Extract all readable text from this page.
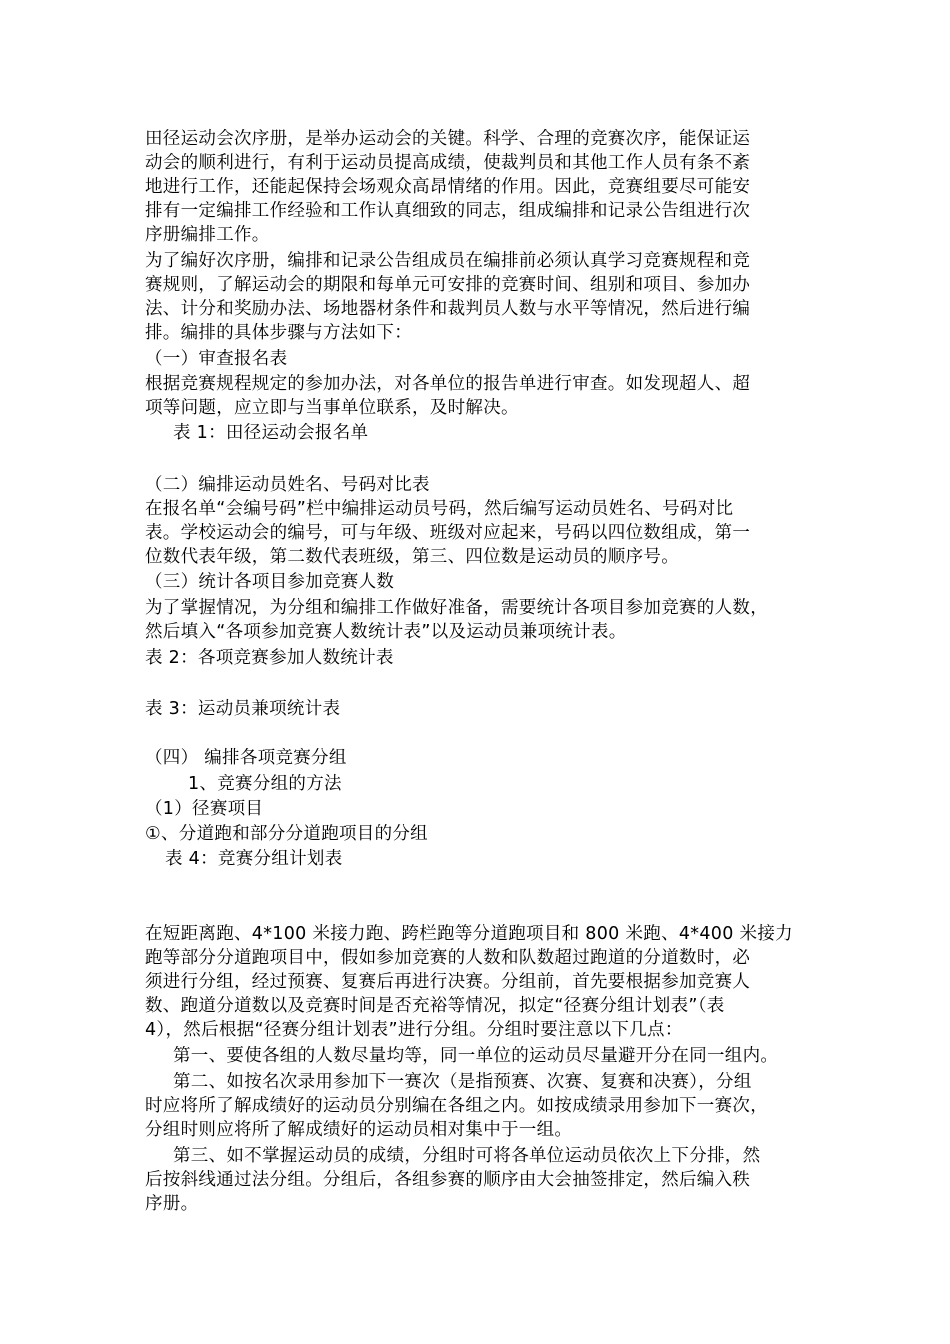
田径运动会次序册，是举办运动会的关键。科学、合理的竞赛次序，能保证运
动会的顺利进行，有利于运动员提高成绩，使裁判员和其他工作人员有条不紊
地进行工作，还能起保持会场观众高昂情绪的作用。因此，竞赛组要尽可能安
排有一定编排工作经验和工作认真细致的同志，组成编排和记录公告组进行次
序册编排工作。
为了编好次序册，编排和记录公告组成员在编排前必须认真学习竞赛规程和竞
赛规则，了解运动会的期限和每单元可安排的竞赛时间、组别和项目、参加办
法、计分和奖励办法、场地器材条件和裁判员人数与水平等情况，然后进行编
排。编排的具体步骤与方法如下：
（一）审查报名表
根据竞赛规程规定的参加办法，对各单位的报告单进行审查。如发现超人、超
项等问题，应立即与当事单位联系，及时解决。
表 1：田径运动会报名单
（二）编排运动员姓名、号码对比表
在报名单“会编号码”栏中编排运动员号码，然后编写运动员姓名、号码对比
表。学校运动会的编号，可与年级、班级对应起来，号码以四位数组成，第一
位数代表年级，第二数代表班级，第三、四位数是运动员的顺序号。
（三）统计各项目参加竞赛人数
为了掌握情况，为分组和编排工作做好准备，需要统计各项目参加竞赛的人数，
然后填入“各项参加竞赛人数统计表”以及运动员兼项统计表。
表 2：各项竞赛参加人数统计表
表 3：运动员兼项统计表
（四） 编排各项竞赛分组
1、竞赛分组的方法
（1）径赛项目
①、分道跑和部分分道跑项目的分组
表 4：竞赛分组计划表
在短距离跑、4*100 米接力跑、跨栏跑等分道跑项目和 800 米跑、4*400 米接力
跑等部分分道跑项目中，假如参加竞赛的人数和队数超过跑道的分道数时，必
须进行分组，经过预赛、复赛后再进行决赛。分组前，首先要根据参加竞赛人
数、跑道分道数以及竞赛时间是否充裕等情况，拟定“径赛分组计划表”（表
4），然后根据“径赛分组计划表”进行分组。分组时要注意以下几点：
第一、要使各组的人数尽量均等，同一单位的运动员尽量避开分在同一组内。
第二、如按名次录用参加下一赛次（是指预赛、次赛、复赛和决赛），分组
时应将所了解成绩好的运动员分别编在各组之内。如按成绩录用参加下一赛次，
分组时则应将所了解成绩好的运动员相对集中于一组。
第三、如不掌握运动员的成绩，分组时可将各单位运动员依次上下分排，然
后按斜线通过法分组。分组后，各组参赛的顺序由大会抽签排定，然后编入秩
序册。
